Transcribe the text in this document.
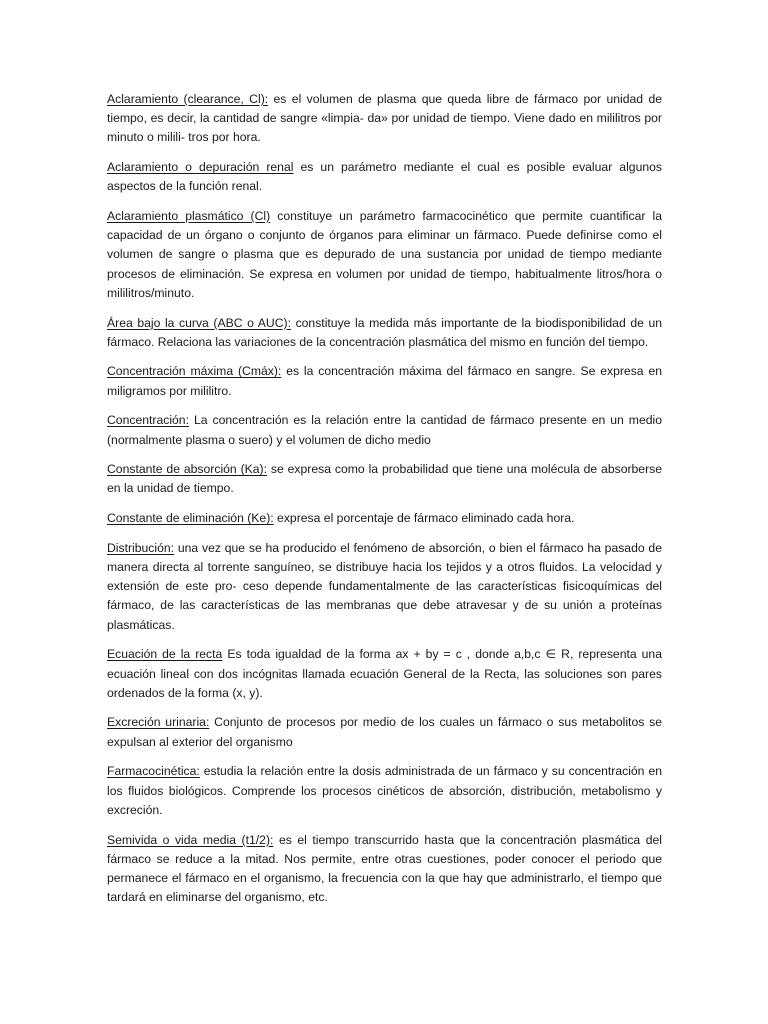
Aclaramiento (clearance, Cl): es el volumen de plasma que queda libre de fármaco por unidad de tiempo, es decir, la cantidad de sangre «limpia- da» por unidad de tiempo. Viene dado en mililitros por minuto o milili- tros por hora.

Aclaramiento o depuración renal es un parámetro mediante el cual es posible evaluar algunos aspectos de la función renal.

Aclaramiento plasmático (Cl) constituye un parámetro farmacocinético que permite cuantificar la capacidad de un órgano o conjunto de órganos para eliminar un fármaco. Puede definirse como el volumen de sangre o plasma que es depurado de una sustancia por unidad de tiempo mediante procesos de eliminación. Se expresa en volumen por unidad de tiempo, habitualmente litros/hora o mililitros/minuto.

Área bajo la curva (ABC o AUC): constituye la medida más importante de la biodisponibilidad de un fármaco. Relaciona las variaciones de la concentración plasmática del mismo en función del tiempo.

Concentración máxima (Cmáx): es la concentración máxima del fármaco en sangre. Se expresa en miligramos por mililitro.

Concentración: La concentración es la relación entre la cantidad de fármaco presente en un medio (normalmente plasma o suero) y el volumen de dicho medio

Constante de absorción (Ka): se expresa como la probabilidad que tiene una molécula de absorberse en la unidad de tiempo.

Constante de eliminación (Ke): expresa el porcentaje de fármaco eliminado cada hora.

Distribución: una vez que se ha producido el fenómeno de absorción, o bien el fármaco ha pasado de manera directa al torrente sanguíneo, se distribuye hacia los tejidos y a otros fluidos. La velocidad y extensión de este pro- ceso depende fundamentalmente de las características fisicoquímicas del fármaco, de las características de las membranas que debe atravesar y de su unión a proteínas plasmáticas.

Ecuación de la recta Es toda igualdad de la forma ax + by = c , donde a,b,c ∈ R, representa una ecuación lineal con dos incógnitas llamada ecuación General de la Recta, las soluciones son pares ordenados de la forma (x, y).

Excreción urinaria: Conjunto de procesos por medio de los cuales un fármaco o sus metabolitos se expulsan al exterior del organismo

Farmacocinética: estudia la relación entre la dosis administrada de un fármaco y su concentración en los fluidos biológicos. Comprende los procesos cinéticos de absorción, distribución, metabolismo y excreción.

Semivida o vida media (t1/2): es el tiempo transcurrido hasta que la concentración plasmática del fármaco se reduce a la mitad. Nos permite, entre otras cuestiones, poder conocer el periodo que permanece el fármaco en el organismo, la frecuencia con la que hay que administrarlo, el tiempo que tardará en eliminarse del organismo, etc.
